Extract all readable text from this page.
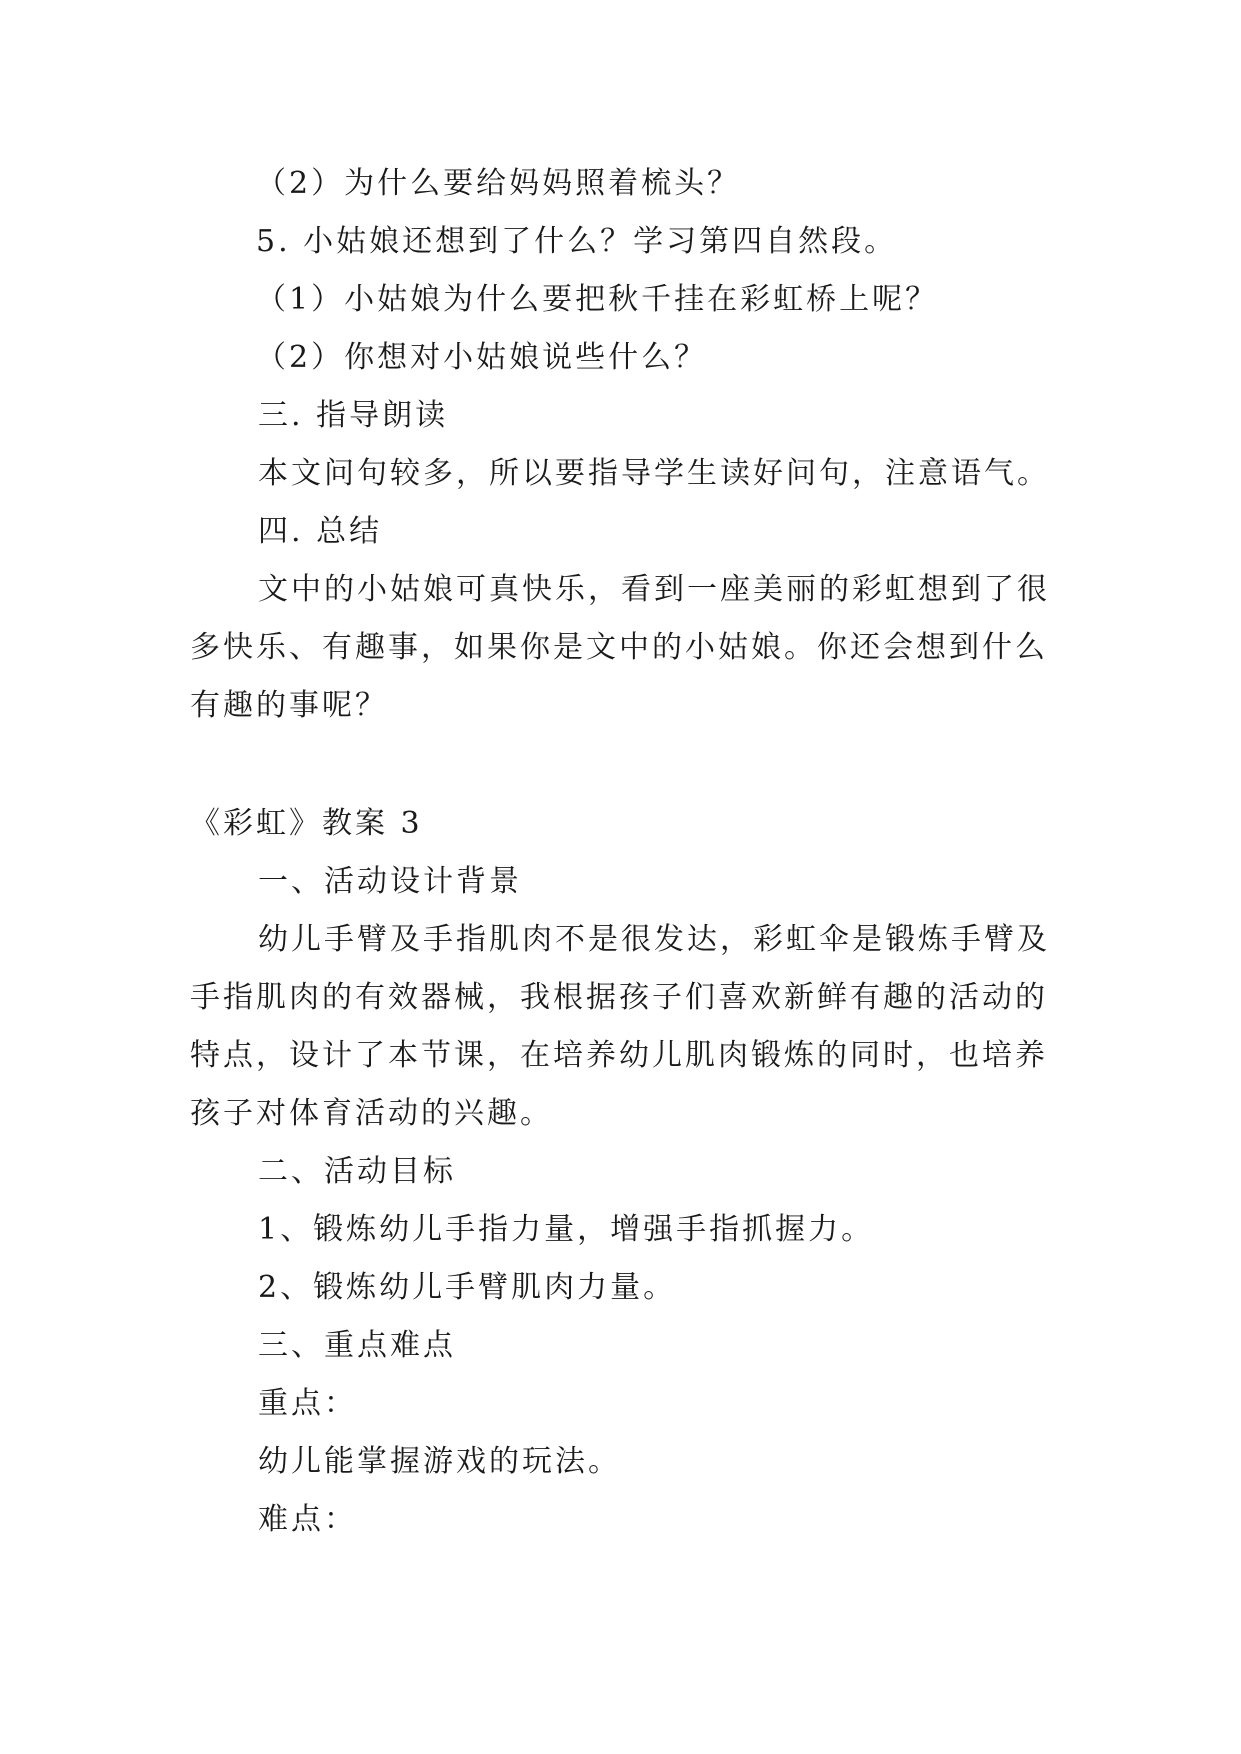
（2）为什么要给妈妈照着梳头？
5. 小姑娘还想到了什么？学习第四自然段。
（1）小姑娘为什么要把秋千挂在彩虹桥上呢？
（2）你想对小姑娘说些什么？
三. 指导朗读
本文问句较多，所以要指导学生读好问句，注意语气。
四. 总结
文中的小姑娘可真快乐，看到一座美丽的彩虹想到了很
多快乐、有趣事，如果你是文中的小姑娘。你还会想到什么
有趣的事呢？
《彩虹》教案 3
一、活动设计背景
幼儿手臂及手指肌肉不是很发达，彩虹伞是锻炼手臂及
手指肌肉的有效器械，我根据孩子们喜欢新鲜有趣的活动的
特点，设计了本节课，在培养幼儿肌肉锻炼的同时，也培养
孩子对体育活动的兴趣。
二、活动目标
1、锻炼幼儿手指力量，增强手指抓握力。
2、锻炼幼儿手臂肌肉力量。
三、重点难点
重点：
幼儿能掌握游戏的玩法。
难点：
